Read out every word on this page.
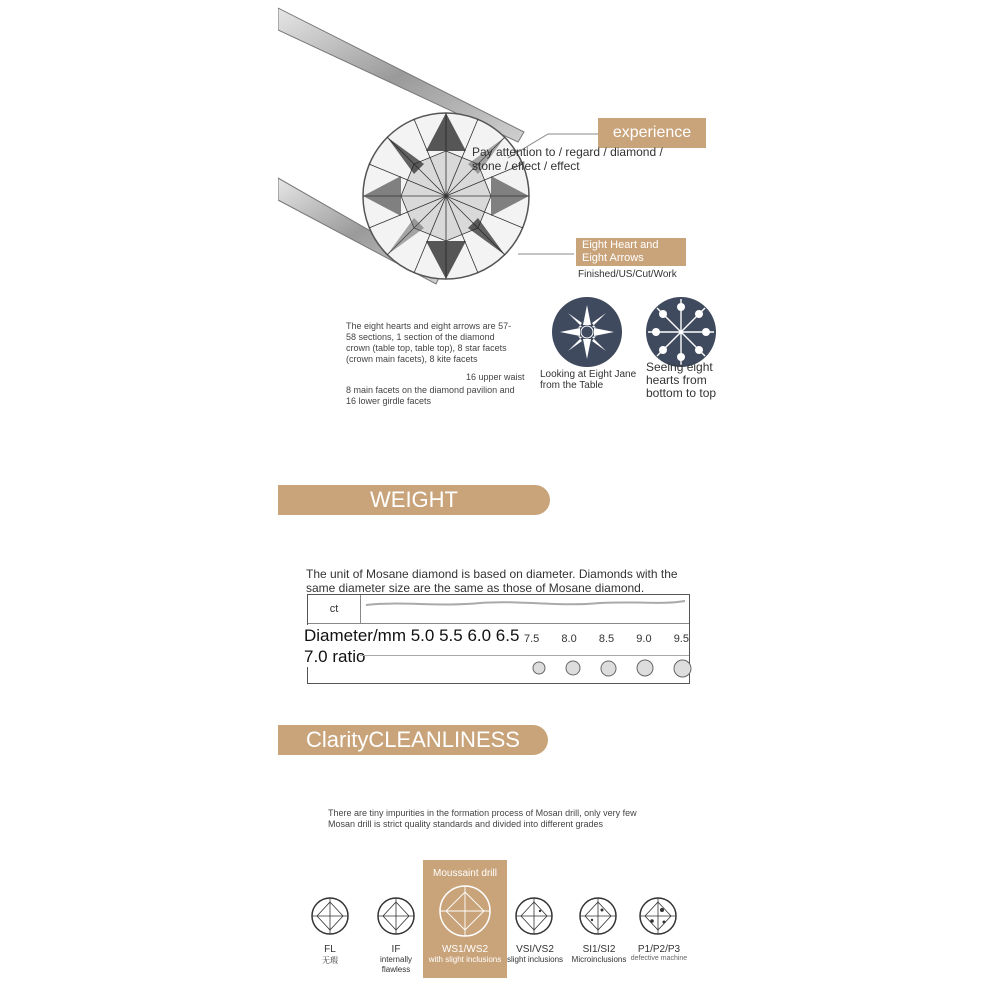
experience
Pay attention to / regard / diamond / stone / effect / effect
Eight Heart and
Eight Arrows
Finished/US/Cut/Work
The eight hearts and eight arrows are 57-58 sections, 1 section of the diamond crown (table top, table top), 8 star facets (crown main facets), 8 kite facets
16 upper waist
8 main facets on the diamond pavilion and 16 lower girdle facets
Looking at Eight Jane from the Table
Seeing eight hearts from bottom to top
WEIGHT
The unit of Mosane diamond is based on diameter. Diamonds with the same diameter size are the same as those of Mosane diamond.
ct
Diameter/mm 5.0 5.5 6.0 6.5 7.0 ratio
7.5 8.0 8.5 9.0 9.5
ClarityCLEANLINESS
There are tiny impurities in the formation process of Mosan drill, only very few
Mosan drill is strict quality standards and divided into different grades
Moussaint drill
FL
无瑕
IF
internally flawless
WS1/WS2
with slight inclusions
VSI/VS2
slight inclusions
SI1/SI2
Microinclusions
P1/P2/P3
defective machine
